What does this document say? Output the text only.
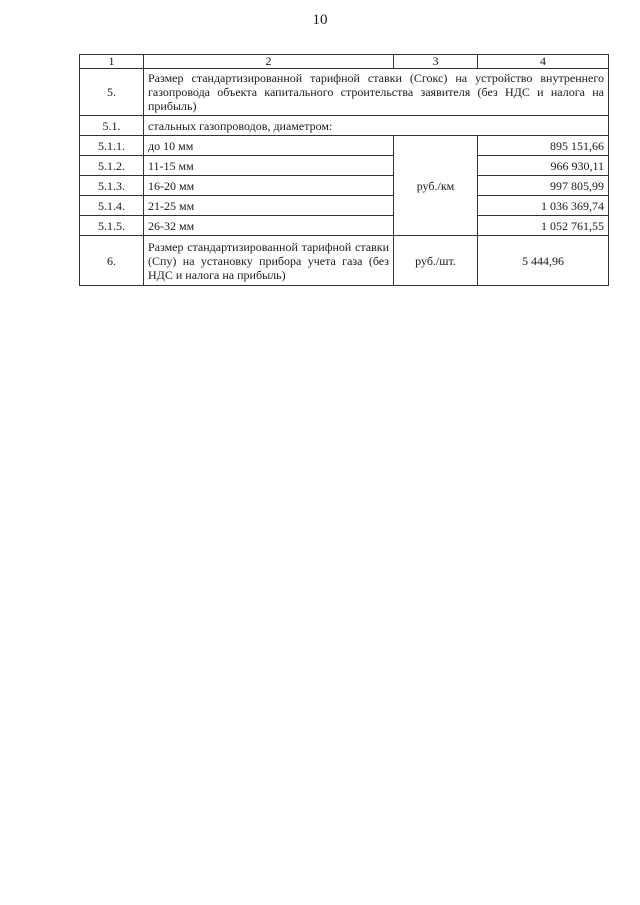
10
1	2	3	4
5.	Размер стандартизированной тарифной ставки (Сгокс) на устройство внутреннего газопровода объекта капитального строительства заявителя (без НДС и налога на прибыль)		
5.1.	стальных газопроводов, диаметром:		
5.1.1.	до 10 мм	руб./км	895 151,66
5.1.2.	11-15 мм		966 930,11
5.1.3.	16-20 мм		997 805,99
5.1.4.	21-25 мм		1 036 369,74
5.1.5.	26-32 мм		1 052 761,55
6.	Размер стандартизированной тарифной ставки (Спу) на установку прибора учета газа (без НДС и налога на прибыль)	руб./шт.	5 444,96
